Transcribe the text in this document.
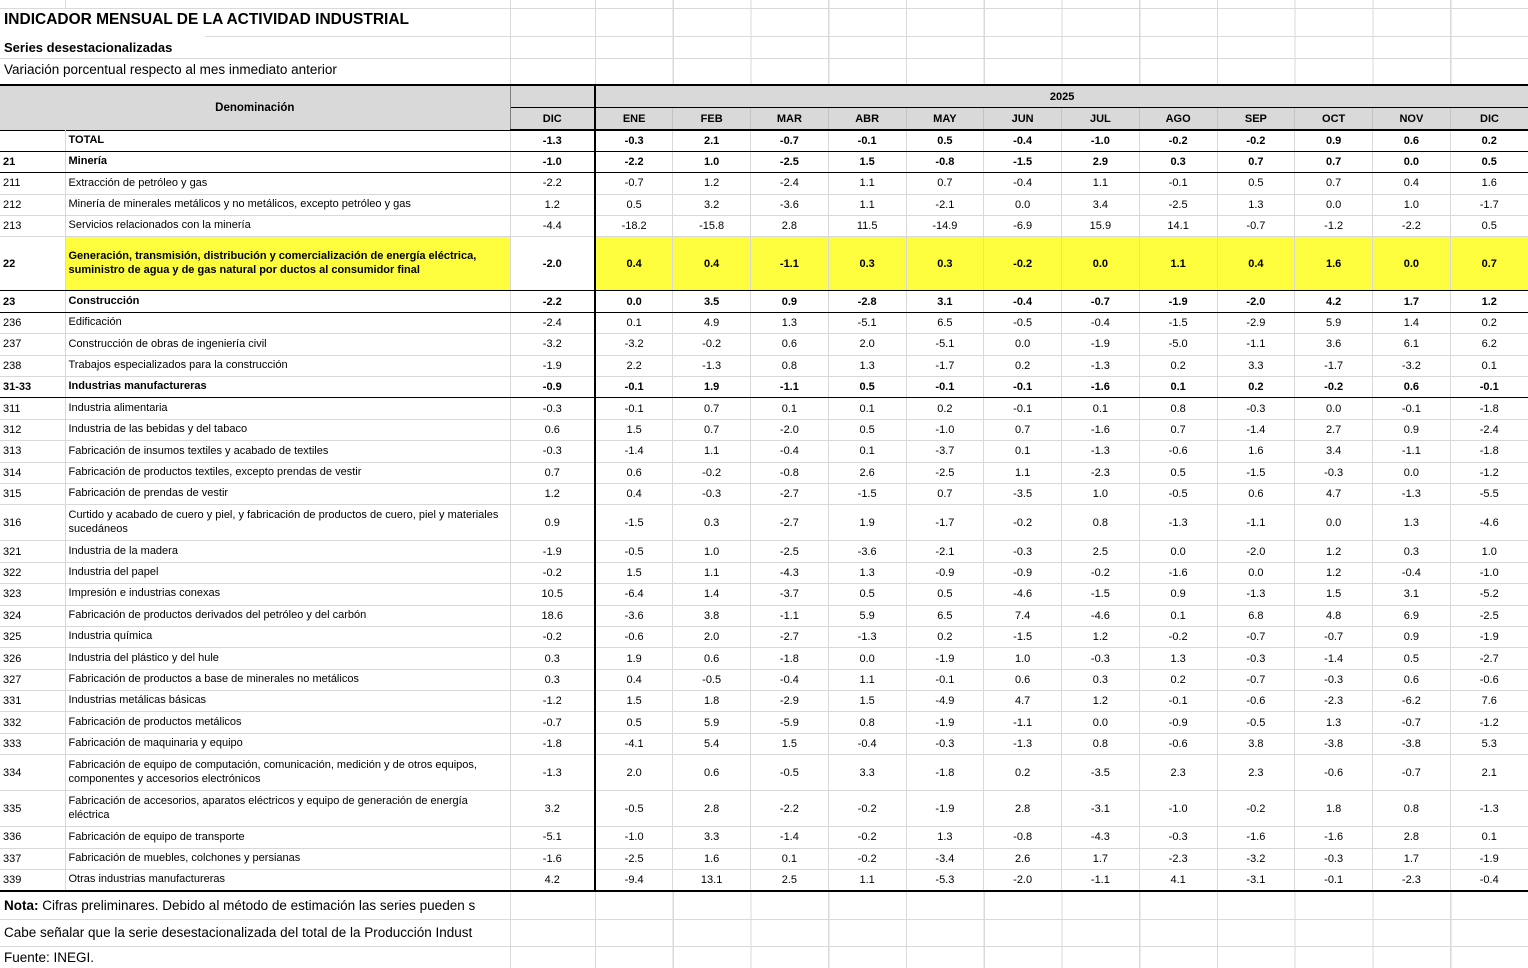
INDICADOR MENSUAL DE LA ACTIVIDAD INDUSTRIAL
Series desestacionalizadas
Variación porcentual respecto al mes inmediato anterior
Denominación			2025											
		DIC	ENE	FEB	MAR	ABR	MAY	JUN	JUL	AGO	SEP	OCT	NOV	DIC
	TOTAL	-1.3	-0.3	2.1	-0.7	-0.1	0.5	-0.4	-1.0	-0.2	-0.2	0.9	0.6	0.2
21	Minería	-1.0	-2.2	1.0	-2.5	1.5	-0.8	-1.5	2.9	0.3	0.7	0.7	0.0	0.5
211	Extracción de petróleo y gas	-2.2	-0.7	1.2	-2.4	1.1	0.7	-0.4	1.1	-0.1	0.5	0.7	0.4	1.6
212	Minería de minerales metálicos y no metálicos, excepto petróleo y gas	1.2	0.5	3.2	-3.6	1.1	-2.1	0.0	3.4	-2.5	1.3	0.0	1.0	-1.7
213	Servicios relacionados con la minería	-4.4	-18.2	-15.8	2.8	11.5	-14.9	-6.9	15.9	14.1	-0.7	-1.2	-2.2	0.5
22	Generación, transmisión, distribución y comercialización de energía eléctrica, suministro de agua y de gas natural por ductos al consumidor final	-2.0	0.4	0.4	-1.1	0.3	0.3	-0.2	0.0	1.1	0.4	1.6	0.0	0.7
23	Construcción	-2.2	0.0	3.5	0.9	-2.8	3.1	-0.4	-0.7	-1.9	-2.0	4.2	1.7	1.2
236	Edificación	-2.4	0.1	4.9	1.3	-5.1	6.5	-0.5	-0.4	-1.5	-2.9	5.9	1.4	0.2
237	Construcción de obras de ingeniería civil	-3.2	-3.2	-0.2	0.6	2.0	-5.1	0.0	-1.9	-5.0	-1.1	3.6	6.1	6.2
238	Trabajos especializados para la construcción	-1.9	2.2	-1.3	0.8	1.3	-1.7	0.2	-1.3	0.2	3.3	-1.7	-3.2	0.1
31-33	Industrias manufactureras	-0.9	-0.1	1.9	-1.1	0.5	-0.1	-0.1	-1.6	0.1	0.2	-0.2	0.6	-0.1
311	Industria alimentaria	-0.3	-0.1	0.7	0.1	0.1	0.2	-0.1	0.1	0.8	-0.3	0.0	-0.1	-1.8
312	Industria de las bebidas y del tabaco	0.6	1.5	0.7	-2.0	0.5	-1.0	0.7	-1.6	0.7	-1.4	2.7	0.9	-2.4
313	Fabricación de insumos textiles y acabado de textiles	-0.3	-1.4	1.1	-0.4	0.1	-3.7	0.1	-1.3	-0.6	1.6	3.4	-1.1	-1.8
314	Fabricación de productos textiles, excepto prendas de vestir	0.7	0.6	-0.2	-0.8	2.6	-2.5	1.1	-2.3	0.5	-1.5	-0.3	0.0	-1.2
315	Fabricación de prendas de vestir	1.2	0.4	-0.3	-2.7	-1.5	0.7	-3.5	1.0	-0.5	0.6	4.7	-1.3	-5.5
316	Curtido y acabado de cuero y piel, y fabricación de productos de cuero, piel y materiales sucedáneos	0.9	-1.5	0.3	-2.7	1.9	-1.7	-0.2	0.8	-1.3	-1.1	0.0	1.3	-4.6
321	Industria de la madera	-1.9	-0.5	1.0	-2.5	-3.6	-2.1	-0.3	2.5	0.0	-2.0	1.2	0.3	1.0
322	Industria del papel	-0.2	1.5	1.1	-4.3	1.3	-0.9	-0.9	-0.2	-1.6	0.0	1.2	-0.4	-1.0
323	Impresión e industrias conexas	10.5	-6.4	1.4	-3.7	0.5	0.5	-4.6	-1.5	0.9	-1.3	1.5	3.1	-5.2
324	Fabricación de productos derivados del petróleo y del carbón	18.6	-3.6	3.8	-1.1	5.9	6.5	7.4	-4.6	0.1	6.8	4.8	6.9	-2.5
325	Industria química	-0.2	-0.6	2.0	-2.7	-1.3	0.2	-1.5	1.2	-0.2	-0.7	-0.7	0.9	-1.9
326	Industria del plástico y del hule	0.3	1.9	0.6	-1.8	0.0	-1.9	1.0	-0.3	1.3	-0.3	-1.4	0.5	-2.7
327	Fabricación de productos a base de minerales no metálicos	0.3	0.4	-0.5	-0.4	1.1	-0.1	0.6	0.3	0.2	-0.7	-0.3	0.6	-0.6
331	Industrias metálicas básicas	-1.2	1.5	1.8	-2.9	1.5	-4.9	4.7	1.2	-0.1	-0.6	-2.3	-6.2	7.6
332	Fabricación de productos metálicos	-0.7	0.5	5.9	-5.9	0.8	-1.9	-1.1	0.0	-0.9	-0.5	1.3	-0.7	-1.2
333	Fabricación de maquinaria y equipo	-1.8	-4.1	5.4	1.5	-0.4	-0.3	-1.3	0.8	-0.6	3.8	-3.8	-3.8	5.3
334	Fabricación de equipo de computación, comunicación, medición y de otros equipos, componentes y accesorios electrónicos	-1.3	2.0	0.6	-0.5	3.3	-1.8	0.2	-3.5	2.3	2.3	-0.6	-0.7	2.1
335	Fabricación de accesorios, aparatos eléctricos y equipo de generación de energía eléctrica	3.2	-0.5	2.8	-2.2	-0.2	-1.9	2.8	-3.1	-1.0	-0.2	1.8	0.8	-1.3
336	Fabricación de equipo de transporte	-5.1	-1.0	3.3	-1.4	-0.2	1.3	-0.8	-4.3	-0.3	-1.6	-1.6	2.8	0.1
337	Fabricación de muebles, colchones y persianas	-1.6	-2.5	1.6	0.1	-0.2	-3.4	2.6	1.7	-2.3	-3.2	-0.3	1.7	-1.9
339	Otras industrias manufactureras	4.2	-9.4	13.1	2.5	1.1	-5.3	-2.0	-1.1	4.1	-3.1	-0.1	-2.3	-0.4
Nota: Cifras preliminares. Debido al método de estimación las series pueden s
Cabe señalar que la serie desestacionalizada del total de la Producción Indust
Fuente: INEGI.
